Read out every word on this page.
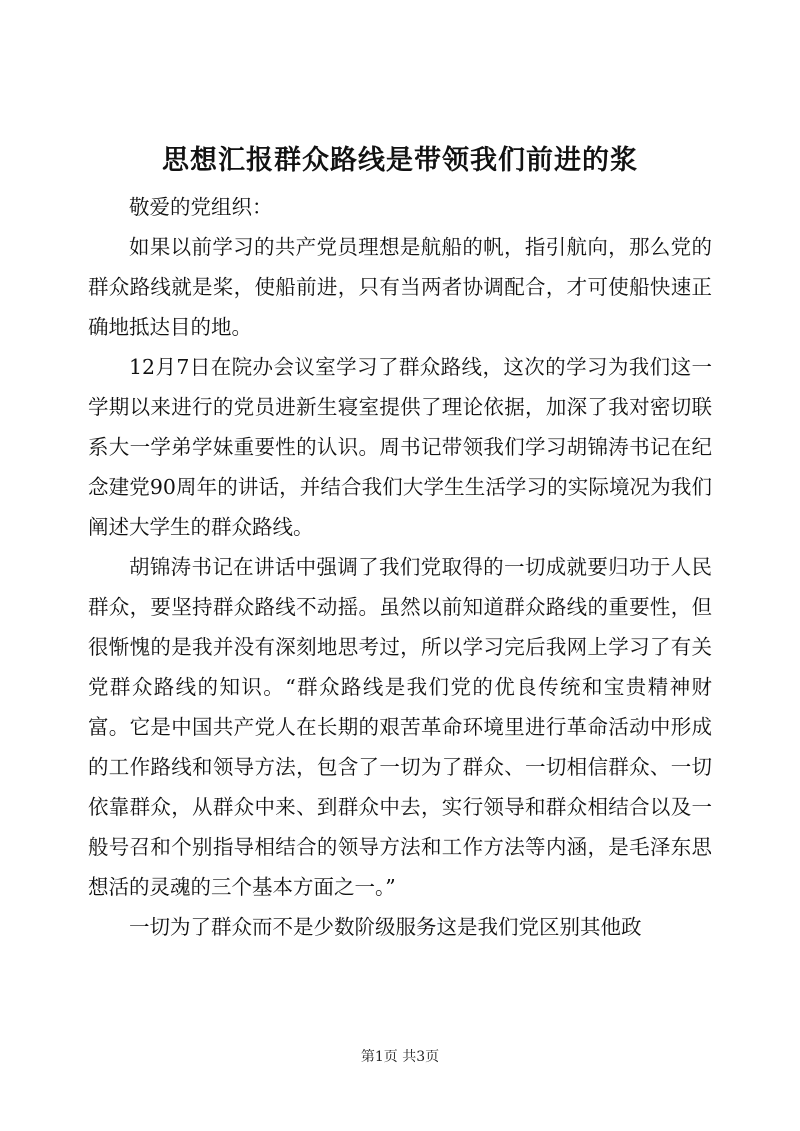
思想汇报群众路线是带领我们前进的浆

敬爱的党组织：

如果以前学习的共产党员理想是航船的帆，指引航向，那么党的群众路线就是桨，使船前进，只有当两者协调配合，才可使船快速正确地抵达目的地。

12月7日在院办会议室学习了群众路线，这次的学习为我们这一学期以来进行的党员进新生寝室提供了理论依据，加深了我对密切联系大一学弟学妹重要性的认识。周书记带领我们学习胡锦涛书记在纪念建党90周年的讲话，并结合我们大学生生活学习的实际境况为我们阐述大学生的群众路线。

胡锦涛书记在讲话中强调了我们党取得的一切成就要归功于人民群众，要坚持群众路线不动摇。虽然以前知道群众路线的重要性，但很惭愧的是我并没有深刻地思考过，所以学习完后我网上学习了有关党群众路线的知识。“群众路线是我们党的优良传统和宝贵精神财富。它是中国共产党人在长期的艰苦革命环境里进行革命活动中形成的工作路线和领导方法，包含了一切为了群众、一切相信群众、一切依靠群众，从群众中来、到群众中去，实行领导和群众相结合以及一般号召和个别指导相结合的领导方法和工作方法等内涵，是毛泽东思想活的灵魂的三个基本方面之一。”

一切为了群众而不是少数阶级服务这是我们党区别其他政

第1页 共3页
